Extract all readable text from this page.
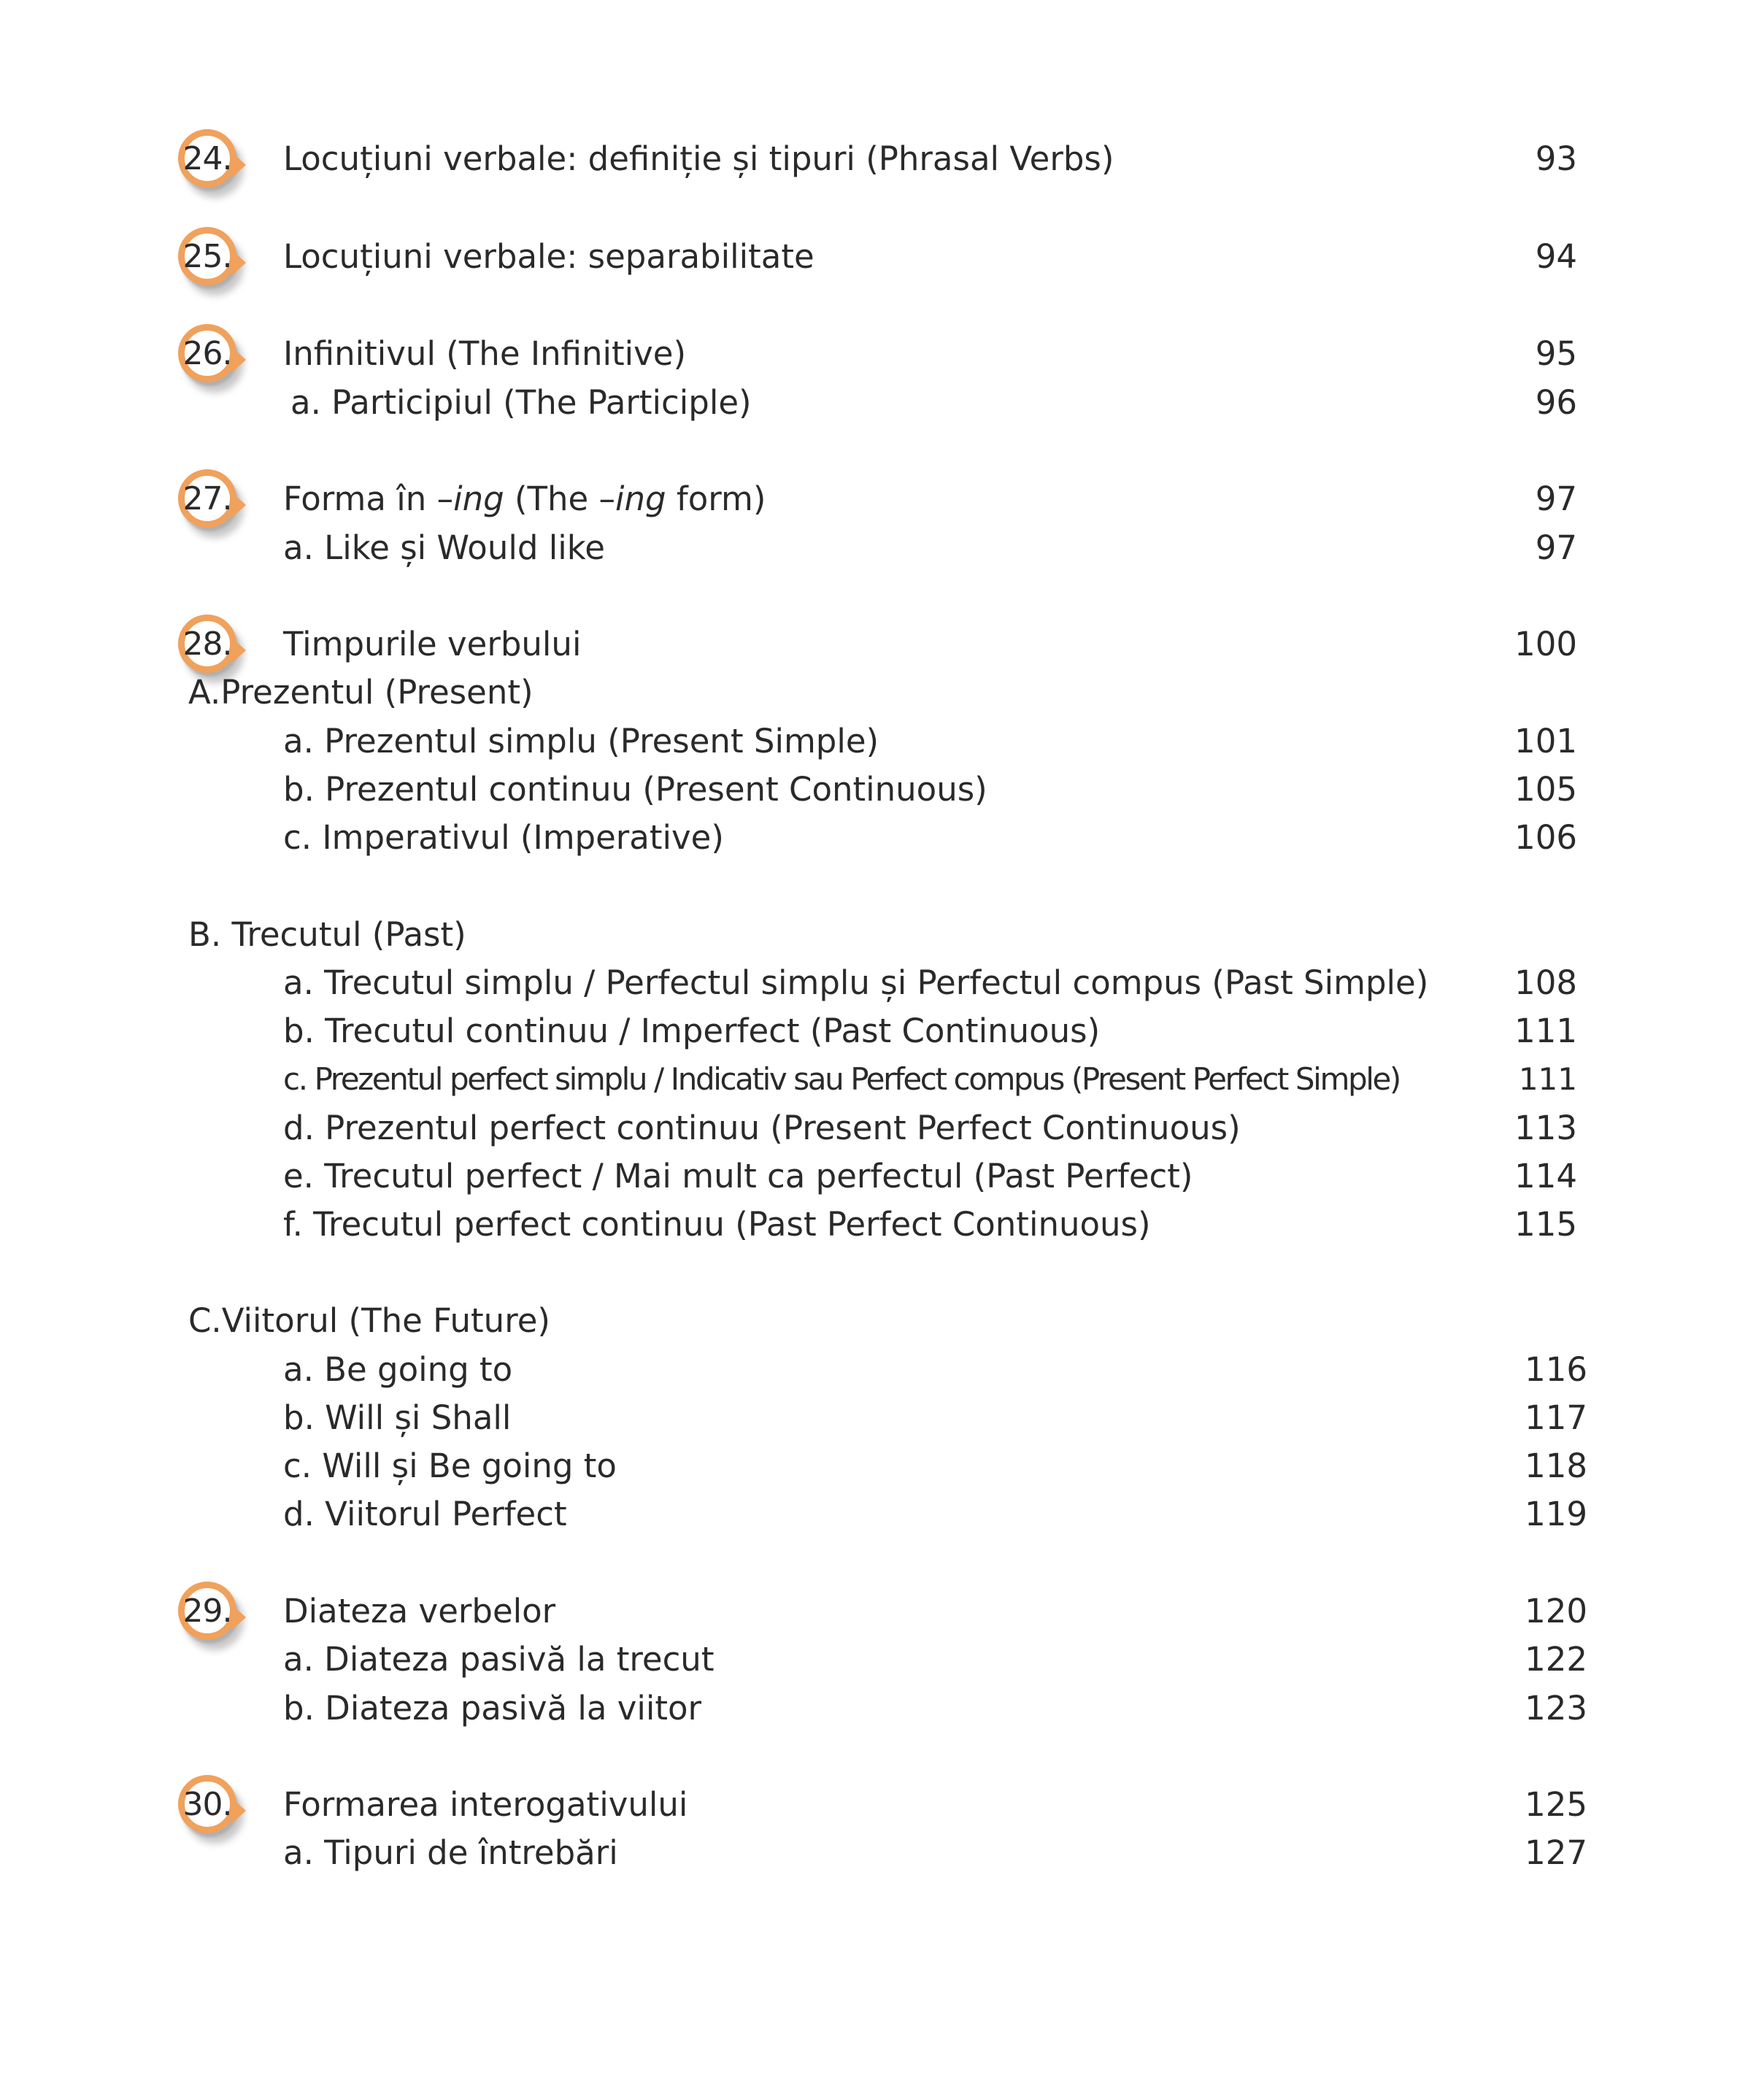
24. Locuțiuni verbale: definiție și tipuri (Phrasal Verbs)	93
25. Locuțiuni verbale: separabilitate	94
26. Infinitivul (The Infinitive)	95
a. Participiul (The Participle)	96
27. Forma în –ing (The –ing form)	97
a. Like și Would like	97
28. Timpurile verbului	100
A.Prezentul (Present)
a. Prezentul simplu (Present Simple)	101
b. Prezentul continuu (Present Continuous)	105
c. Imperativul (Imperative)	106
B. Trecutul (Past)
a. Trecutul simplu / Perfectul simplu și Perfectul compus (Past Simple)	108
b. Trecutul continuu / Imperfect (Past Continuous)	111
c. Prezentul perfect simplu / Indicativ sau Perfect compus (Present Perfect Simple)	111
d. Prezentul perfect continuu (Present Perfect Continuous)	113
e. Trecutul perfect / Mai mult ca perfectul (Past Perfect)	114
f. Trecutul perfect continuu (Past Perfect Continuous)	115
C.Viitorul (The Future)
a. Be going to	116
b. Will și Shall	117
c. Will și Be going to	118
d. Viitorul Perfect	119
29. Diateza verbelor	120
a. Diateza pasivă la trecut	122
b. Diateza pasivă la viitor	123
30. Formarea interogativului	125
a. Tipuri de întrebări	127
